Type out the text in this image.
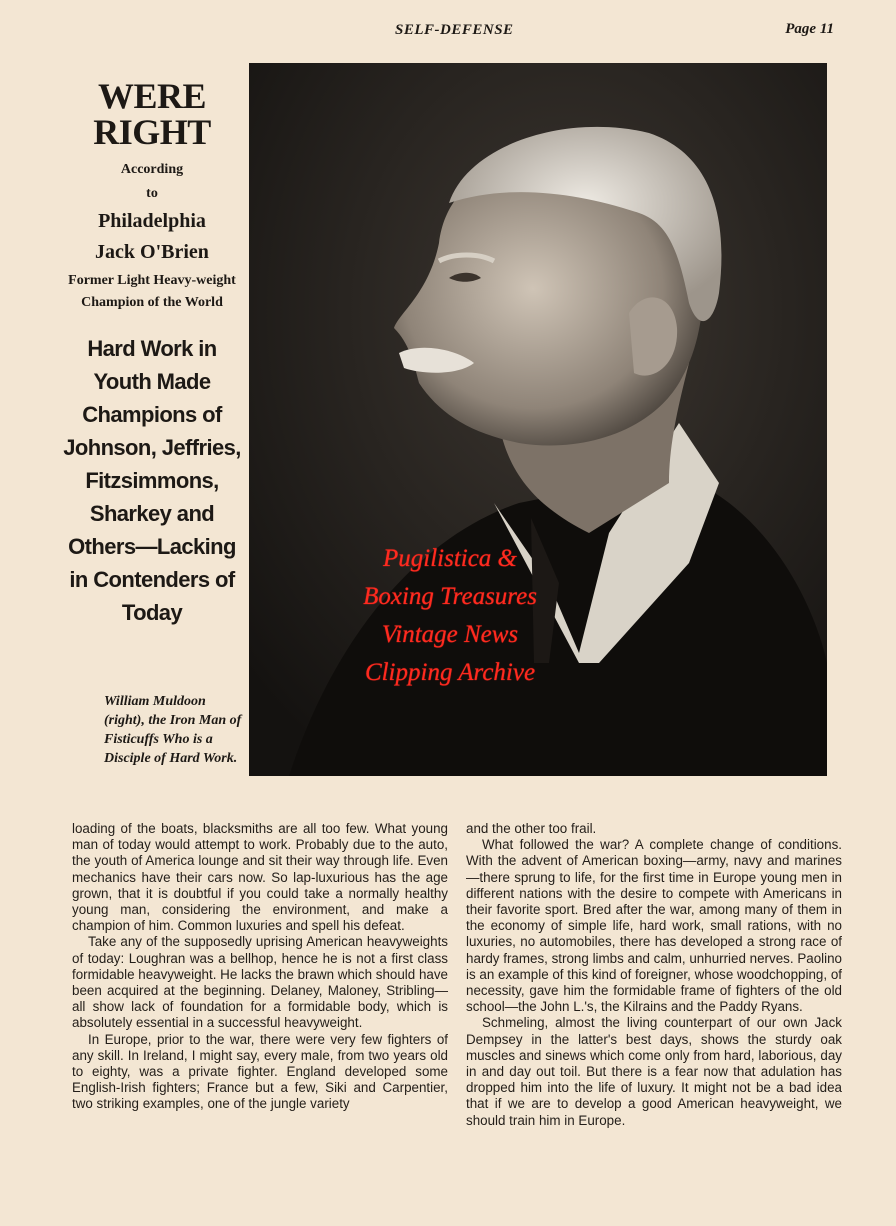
SELF-DEFENSE	Page 11
WERE
RIGHT
According
to
Philadelphia
Jack O'Brien
Former Light Heavy-weight Champion of the World
Hard Work in Youth Made Champions of Johnson, Jeffries, Fitzsimmons, Sharkey and Others—Lacking in Contenders of Today
William Muldoon (right), the Iron Man of Fisticuffs Who is a Disciple of Hard Work.
Pugilistica &
Boxing Treasures
Vintage News
Clipping Archive

loading of the boats, blacksmiths are all too few. What young man of today would attempt to work. Probably due to the auto, the youth of America lounge and sit their way through life. Even mechanics have their cars now. So lap-luxurious has the age grown, that it is doubtful if you could take a normally healthy young man, considering the environment, and make a champion of him. Common luxuries and spell his defeat.

Take any of the supposedly uprising American heavyweights of today: Loughran was a bellhop, hence he is not a first class formidable heavyweight. He lacks the brawn which should have been acquired at the beginning. Delaney, Maloney, Stribling—all show lack of foundation for a formidable body, which is absolutely essential in a successful heavyweight.

In Europe, prior to the war, there were very few fighters of any skill. In Ireland, I might say, every male, from two years old to eighty, was a private fighter. England developed some English-Irish fighters; France but a few, Siki and Carpentier, two striking examples, one of the jungle variety

and the other too frail.

What followed the war? A complete change of conditions. With the advent of American boxing—army, navy and marines—there sprung to life, for the first time in Europe young men in different nations with the desire to compete with Americans in their favorite sport. Bred after the war, among many of them in the economy of simple life, hard work, small rations, with no luxuries, no automobiles, there has developed a strong race of hardy frames, strong limbs and calm, unhurried nerves. Paolino is an example of this kind of foreigner, whose woodchopping, of necessity, gave him the formidable frame of fighters of the old school—the John L.'s, the Kilrains and the Paddy Ryans.

Schmeling, almost the living counterpart of our own Jack Dempsey in the latter's best days, shows the sturdy oak muscles and sinews which come only from hard, laborious, day in and day out toil. But there is a fear now that adulation has dropped him into the life of luxury. It might not be a bad idea that if we are to develop a good American heavyweight, we should train him in Europe.
